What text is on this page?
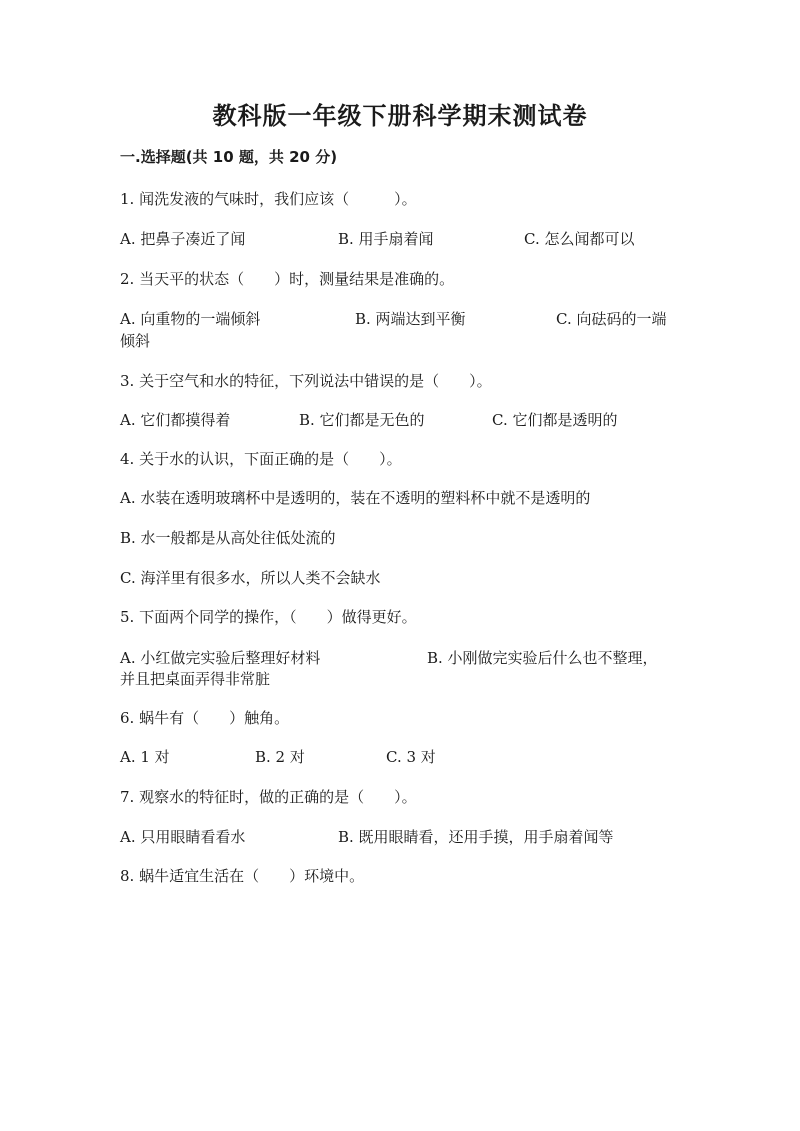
教科版一年级下册科学期末测试卷
一.选择题(共 10 题，共 20 分)
1. 闻洗发液的气味时，我们应该（　　　）。
A. 把鼻子凑近了闻	B. 用手扇着闻	C. 怎么闻都可以
2. 当天平的状态（　　）时，测量结果是准确的。
A. 向重物的一端倾斜	B. 两端达到平衡	C. 向砝码的一端
倾斜
3. 关于空气和水的特征，下列说法中错误的是（　　）。
A. 它们都摸得着	B. 它们都是无色的	C. 它们都是透明的
4. 关于水的认识，下面正确的是（　　）。
A. 水装在透明玻璃杯中是透明的，装在不透明的塑料杯中就不是透明的
B. 水一般都是从高处往低处流的
C. 海洋里有很多水，所以人类不会缺水
5. 下面两个同学的操作，（　　）做得更好。
A. 小红做完实验后整理好材料	B. 小刚做完实验后什么也不整理，
并且把桌面弄得非常脏
6. 蜗牛有（　　）触角。
A. 1 对	B. 2 对	C. 3 对
7. 观察水的特征时，做的正确的是（　　）。
A. 只用眼睛看看水	B. 既用眼睛看，还用手摸，用手扇着闻等
8. 蜗牛适宜生活在（　　）环境中。
